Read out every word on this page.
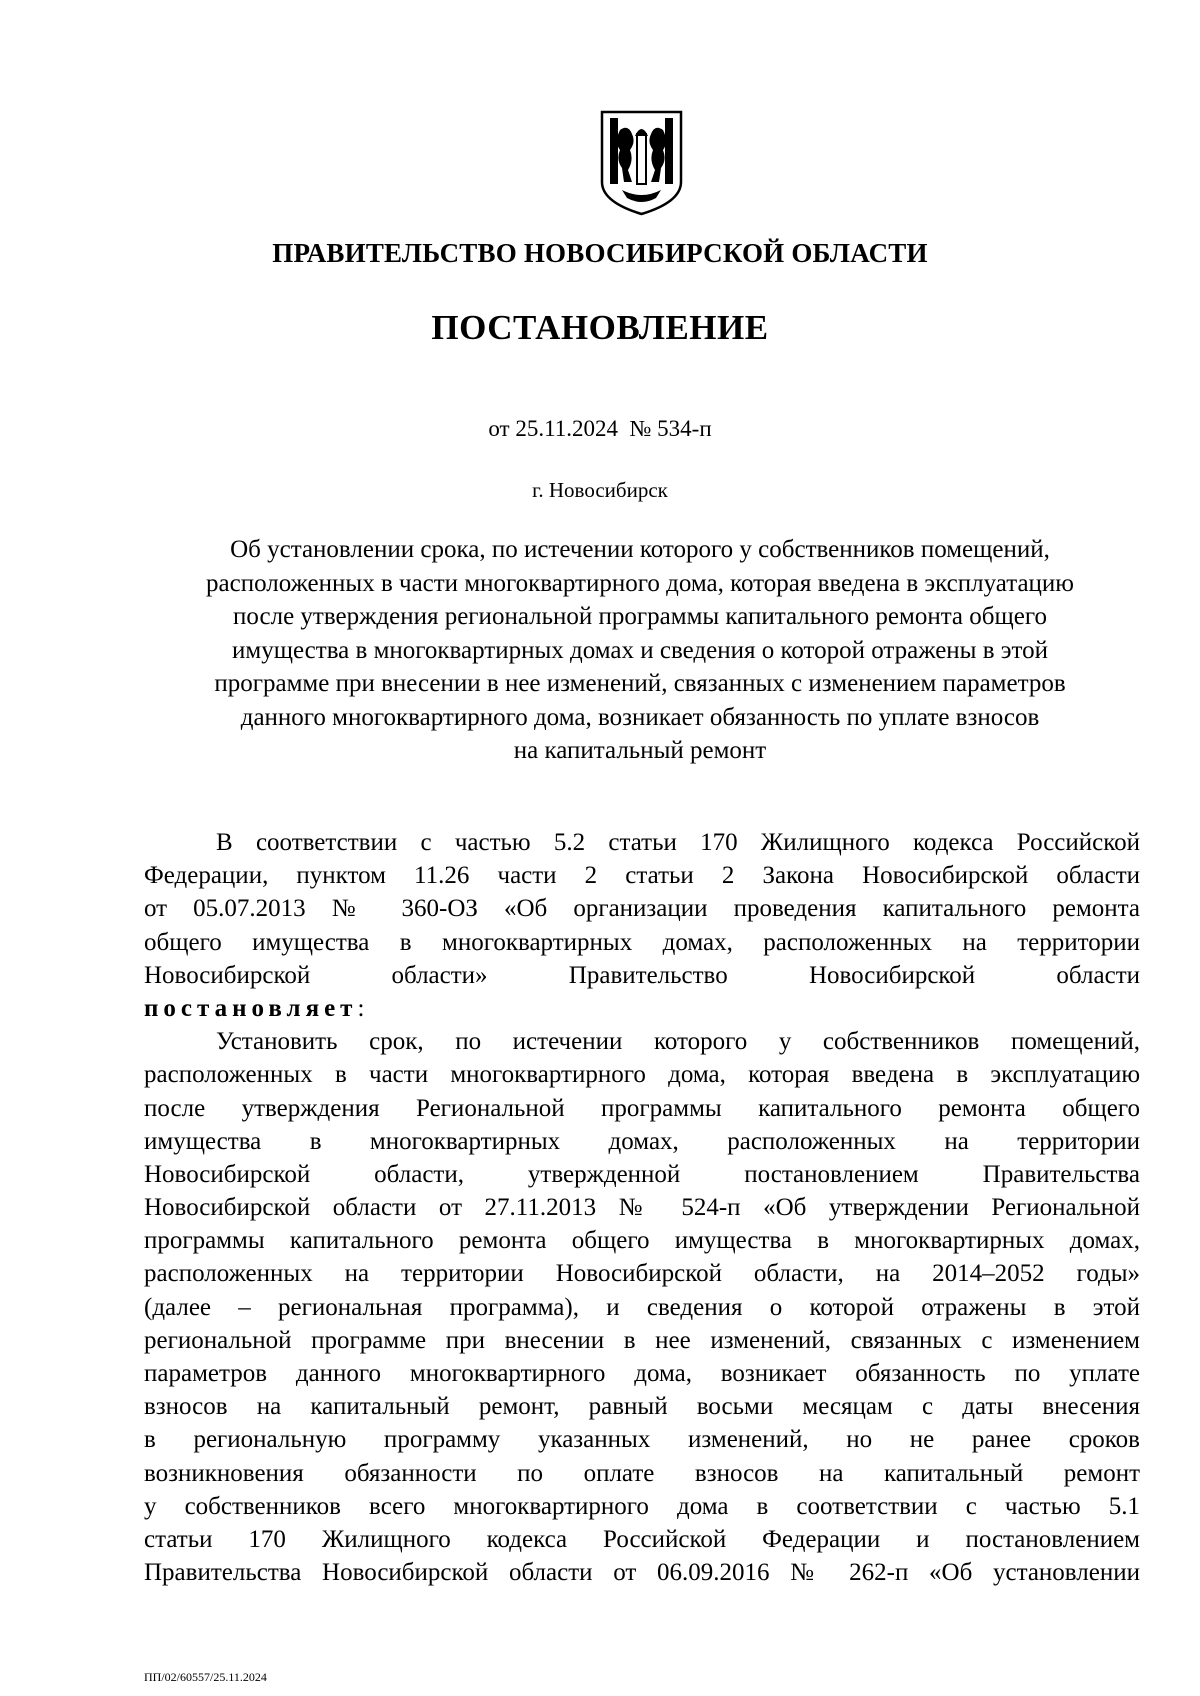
ПРАВИТЕЛЬСТВО НОВОСИБИРСКОЙ ОБЛАСТИ
ПОСТАНОВЛЕНИЕ
от 25.11.2024 № 534-п
г. Новосибирск
Об установлении срока, по истечении которого у собственников помещений,
расположенных в части многоквартирного дома, которая введена в эксплуатацию
после утверждения региональной программы капитального ремонта общего
имущества в многоквартирных домах и сведения о которой отражены в этой
программе при внесении в нее изменений, связанных с изменением параметров
данного многоквартирного дома, возникает обязанность по уплате взносов
на капитальный ремонт
В соответствии с частью 5.2 статьи 170 Жилищного кодекса Российской
Федерации, пунктом 11.26 части 2 статьи 2 Закона Новосибирской области
от 05.07.2013 № 360-ОЗ «Об организации проведения капитального ремонта
общего имущества в многоквартирных домах, расположенных на территории
Новосибирской области» Правительство Новосибирской области
постановляет:
Установить срок, по истечении которого у собственников помещений,
расположенных в части многоквартирного дома, которая введена в эксплуатацию
после утверждения Региональной программы капитального ремонта общего
имущества в многоквартирных домах, расположенных на территории
Новосибирской области, утвержденной постановлением Правительства
Новосибирской области от 27.11.2013 № 524-п «Об утверждении Региональной
программы капитального ремонта общего имущества в многоквартирных домах,
расположенных на территории Новосибирской области, на 2014–2052 годы»
(далее – региональная программа), и сведения о которой отражены в этой
региональной программе при внесении в нее изменений, связанных с изменением
параметров данного многоквартирного дома, возникает обязанность по уплате
взносов на капитальный ремонт, равный восьми месяцам с даты внесения
в региональную программу указанных изменений, но не ранее сроков
возникновения обязанности по оплате взносов на капитальный ремонт
у собственников всего многоквартирного дома в соответствии с частью 5.1
статьи 170 Жилищного кодекса Российской Федерации и постановлением
Правительства Новосибирской области от 06.09.2016 № 262-п «Об установлении
ПП/02/60557/25.11.2024
